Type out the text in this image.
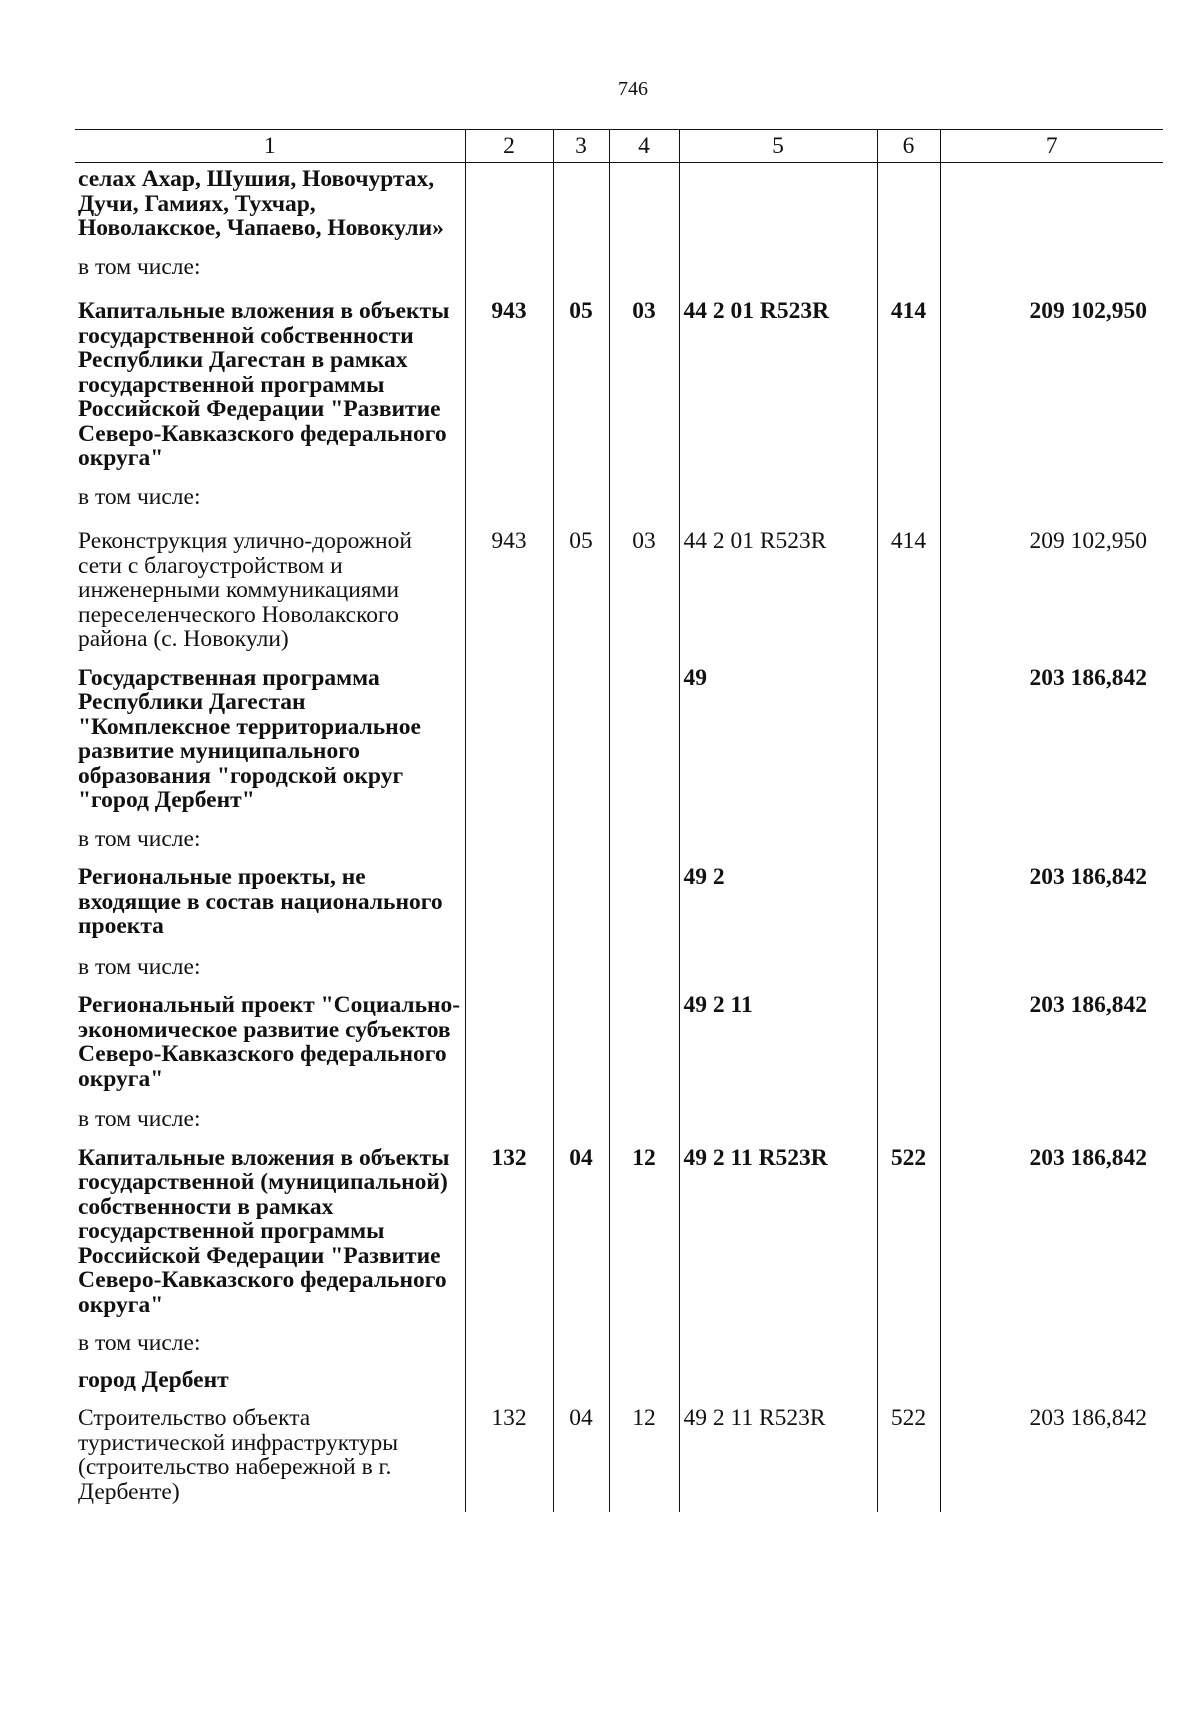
746
1	2	3	4	5	6	7
селах Ахар, Шушия, Новочуртах, Дучи, Гамиях, Тухчар, Новолакское, Чапаево, Новокули»						
в том числе:						
Капитальные вложения в объекты государственной собственности Республики Дагестан в рамках государственной программы Российской Федерации "Развитие Северо-Кавказского федерального округа"	943	05	03	44 2 01 R523R	414	209 102,950
в том числе:						
Реконструкция улично-дорожной сети с благоустройством и инженерными коммуникациями переселенческого Новолакского района (с. Новокули)	943	05	03	44 2 01 R523R	414	209 102,950
Государственная программа Республики Дагестан "Комплексное территориальное развитие муниципального образования "городской округ "город Дербент"				49		203 186,842
в том числе:						
Региональные проекты, не входящие в состав национального проекта				49 2		203 186,842
в том числе:						
Региональный проект "Социально-экономическое развитие субъектов Северо-Кавказского федерального округа"				49 2 11		203 186,842
в том числе:						
Капитальные вложения в объекты государственной (муниципальной) собственности в рамках государственной программы Российской Федерации "Развитие Северо-Кавказского федерального округа"	132	04	12	49 2 11 R523R	522	203 186,842
в том числе:						
город Дербент						
Строительство объекта туристической инфраструктуры (строительство набережной в г. Дербенте)	132	04	12	49 2 11 R523R	522	203 186,842
